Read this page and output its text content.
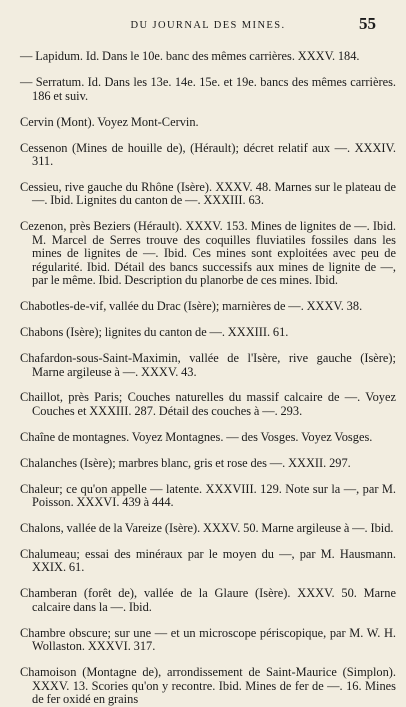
DU JOURNAL DES MINES.	55

— Lapidum. Id. Dans le 10e. banc des mêmes carrières. XXXV. 184.

— Serratum. Id. Dans les 13e. 14e. 15e. et 19e. bancs des mêmes carrières. 186 et suiv.

Cervin (Mont). Voyez Mont-Cervin.

Cessenon (Mines de houille de), (Hérault); décret relatif aux —. XXXIV. 311.

Cessieu, rive gauche du Rhône (Isère). XXXV. 48. Marnes sur le plateau de —. Ibid. Lignites du canton de —. XXXIII. 63.

Cezenon, près Beziers (Hérault). XXXV. 153. Mines de lignites de —. Ibid. M. Marcel de Serres trouve des coquilles fluviatiles fossiles dans les mines de lignites de —. Ibid. Ces mines sont exploitées avec peu de régularité. Ibid. Détail des bancs successifs aux mines de lignite de —, par le même. Ibid. Description du planorbe de ces mines. Ibid.

Chabotles-de-vif, vallée du Drac (Isère); marnières de —. XXXV. 38.

Chabons (Isère); lignites du canton de —. XXXIII. 61.

Chafardon-sous-Saint-Maximin, vallée de l'Isère, rive gauche (Isère); Marne argileuse à —. XXXV. 43.

Chaillot, près Paris; Couches naturelles du massif calcaire de —. Voyez Couches et XXXIII. 287. Détail des couches à —. 293.

Chaîne de montagnes. Voyez Montagnes. — des Vosges. Voyez Vosges.

Chalanches (Isère); marbres blanc, gris et rose des —. XXXII. 297.

Chaleur; ce qu'on appelle — latente. XXXVIII. 129. Note sur la —, par M. Poisson. XXXVI. 439 à 444.

Chalons, vallée de la Vareize (Isère). XXXV. 50. Marne argileuse à —. Ibid.

Chalumeau; essai des minéraux par le moyen du —, par M. Hausmann. XXIX. 61.

Chamberan (forêt de), vallée de la Glaure (Isère). XXXV. 50. Marne calcaire dans la —. Ibid.

Chambre obscure; sur une — et un microscope périscopique, par M. W. H. Wollaston. XXXVI. 317.

Chamoison (Montagne de), arrondissement de Saint-Maurice (Simplon). XXXV. 13. Scories qu'on y recontre. Ibid. Mines de fer de —. 16. Mines de fer oxidé en grains
